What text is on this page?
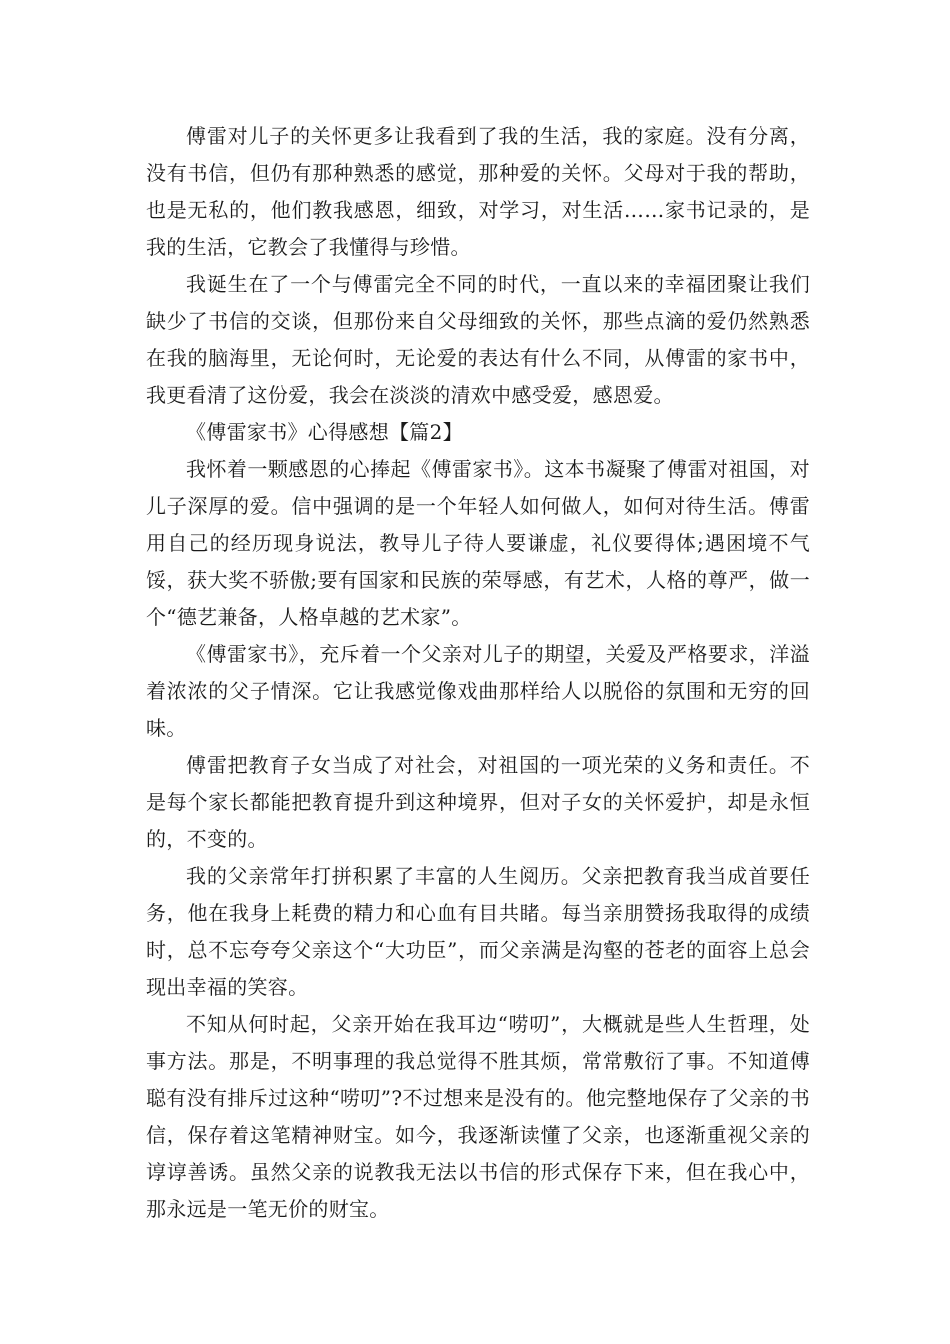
傅雷对儿子的关怀更多让我看到了我的生活，我的家庭。没有分离，没有书信，但仍有那种熟悉的感觉，那种爱的关怀。父母对于我的帮助，也是无私的，他们教我感恩，细致，对学习，对生活……家书记录的，是我的生活，它教会了我懂得与珍惜。

我诞生在了一个与傅雷完全不同的时代，一直以来的幸福团聚让我们缺少了书信的交谈，但那份来自父母细致的关怀，那些点滴的爱仍然熟悉在我的脑海里，无论何时，无论爱的表达有什么不同，从傅雷的家书中，我更看清了这份爱，我会在淡淡的清欢中感受爱，感恩爱。

《傅雷家书》心得感想【篇2】

我怀着一颗感恩的心捧起《傅雷家书》。这本书凝聚了傅雷对祖国，对儿子深厚的爱。信中强调的是一个年轻人如何做人，如何对待生活。傅雷用自己的经历现身说法，教导儿子待人要谦虚，礼仪要得体;遇困境不气馁，获大奖不骄傲;要有国家和民族的荣辱感，有艺术，人格的尊严，做一个“德艺兼备，人格卓越的艺术家”。

《傅雷家书》，充斥着一个父亲对儿子的期望，关爱及严格要求，洋溢着浓浓的父子情深。它让我感觉像戏曲那样给人以脱俗的氛围和无穷的回味。

傅雷把教育子女当成了对社会，对祖国的一项光荣的义务和责任。不是每个家长都能把教育提升到这种境界，但对子女的关怀爱护，却是永恒的，不变的。

我的父亲常年打拼积累了丰富的人生阅历。父亲把教育我当成首要任务，他在我身上耗费的精力和心血有目共睹。每当亲朋赞扬我取得的成绩时，总不忘夸夸父亲这个“大功臣”，而父亲满是沟壑的苍老的面容上总会现出幸福的笑容。

不知从何时起，父亲开始在我耳边“唠叨”，大概就是些人生哲理，处事方法。那是，不明事理的我总觉得不胜其烦，常常敷衍了事。不知道傅聪有没有排斥过这种“唠叨”?不过想来是没有的。他完整地保存了父亲的书信，保存着这笔精神财宝。如今，我逐渐读懂了父亲，也逐渐重视父亲的谆谆善诱。虽然父亲的说教我无法以书信的形式保存下来，但在我心中，那永远是一笔无价的财宝。
